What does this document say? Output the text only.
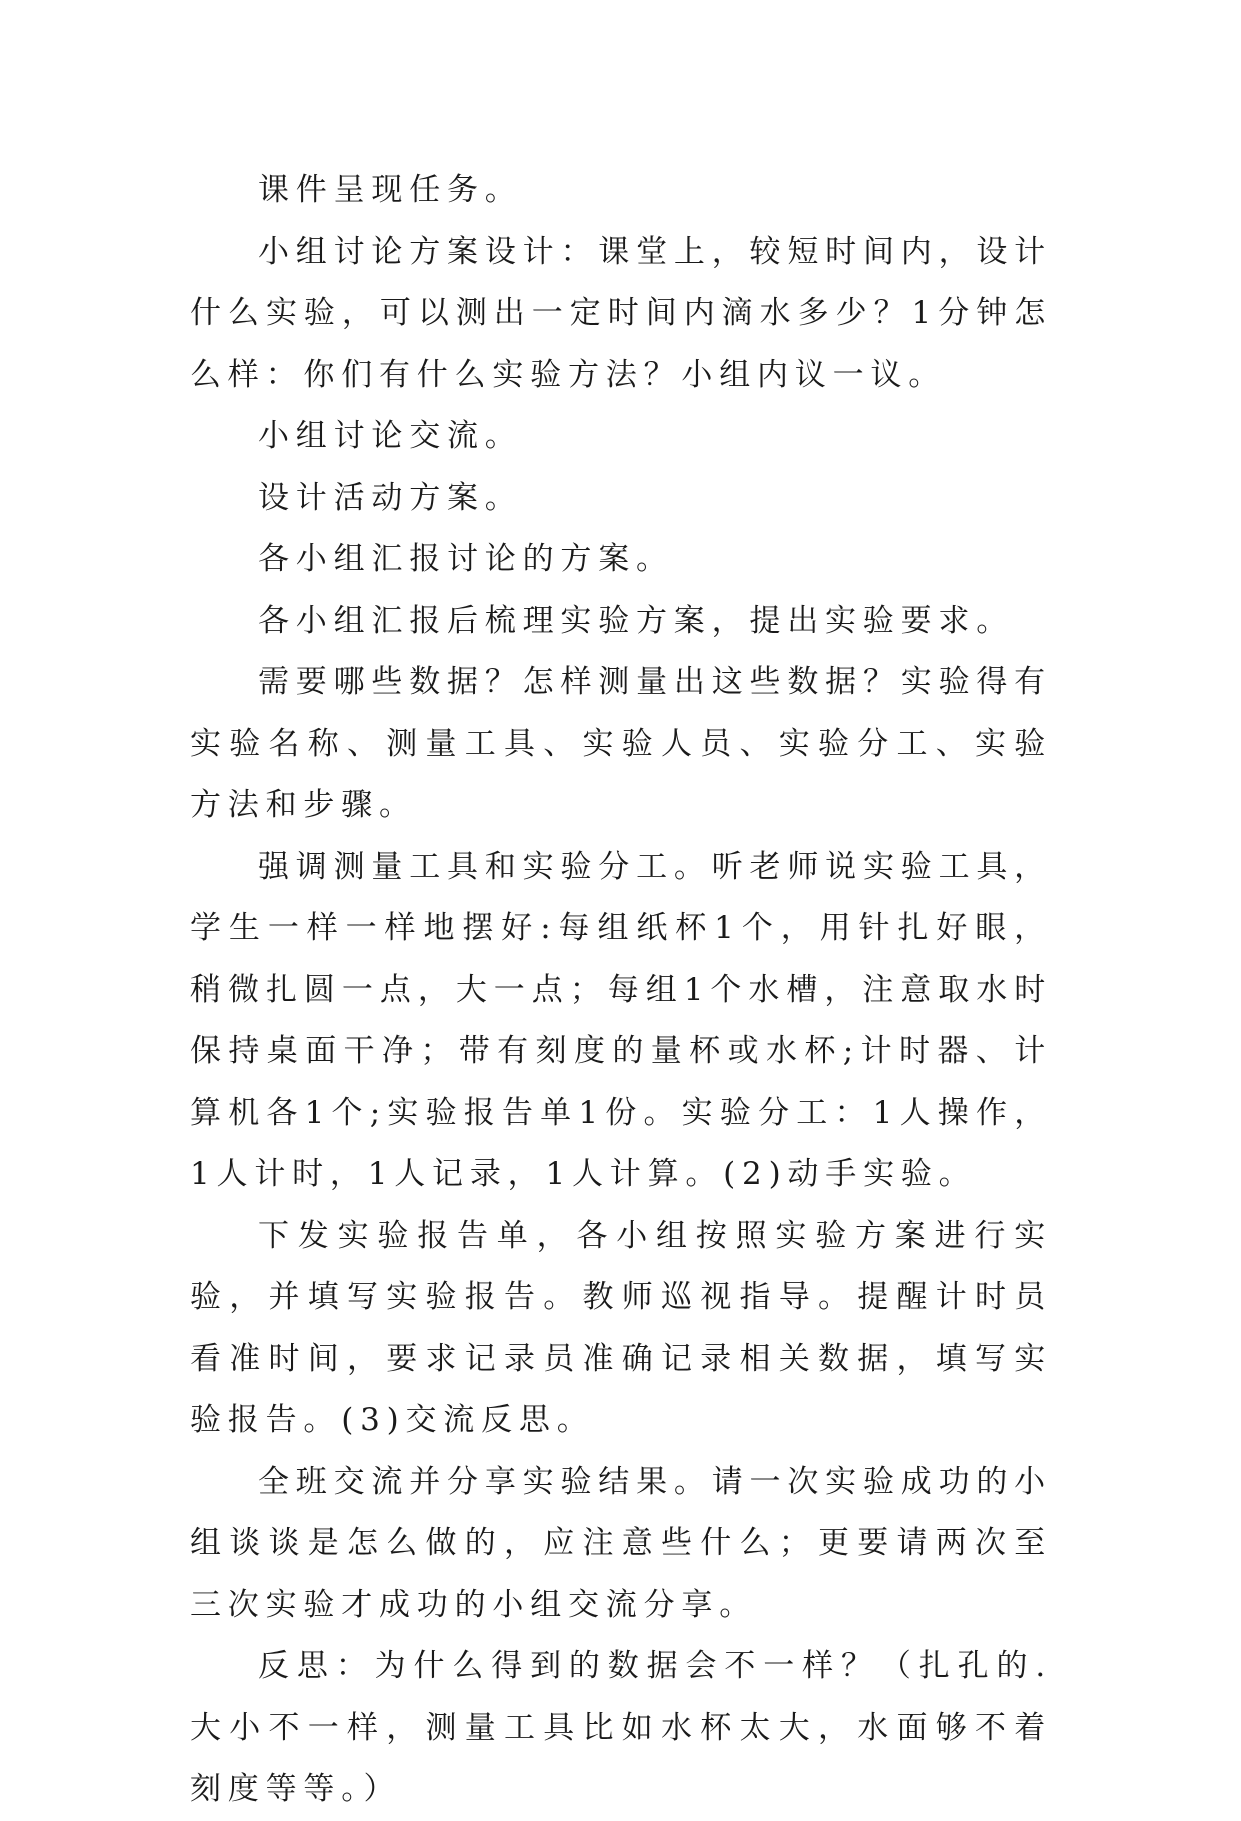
课件呈现任务。

小组讨论方案设计：课堂上，较短时间内，设计什么实验，可以测出一定时间内滴水多少？1分钟怎么样：你们有什么实验方法？小组内议一议。

小组讨论交流。

设计活动方案。

各小组汇报讨论的方案。

各小组汇报后梳理实验方案，提出实验要求。

需要哪些数据？怎样测量出这些数据？实验得有实验名称、测量工具、实验人员、实验分工、实验方法和步骤。

强调测量工具和实验分工。听老师说实验工具，学生一样一样地摆好:每组纸杯1个，用针扎好眼，稍微扎圆一点，大一点；每组1个水槽，注意取水时保持桌面干净；带有刻度的量杯或水杯;计时器、计算机各1个;实验报告单1份。实验分工：1人操作，1人计时，1人记录，1人计算。(2)动手实验。

下发实验报告单，各小组按照实验方案进行实验，并填写实验报告。教师巡视指导。提醒计时员看准时间，要求记录员准确记录相关数据，填写实验报告。(3)交流反思。

全班交流并分享实验结果。请一次实验成功的小组谈谈是怎么做的，应注意些什么；更要请两次至三次实验才成功的小组交流分享。

反思：为什么得到的数据会不一样？（扎孔的.大小不一样，测量工具比如水杯太大，水面够不着刻度等等。）
